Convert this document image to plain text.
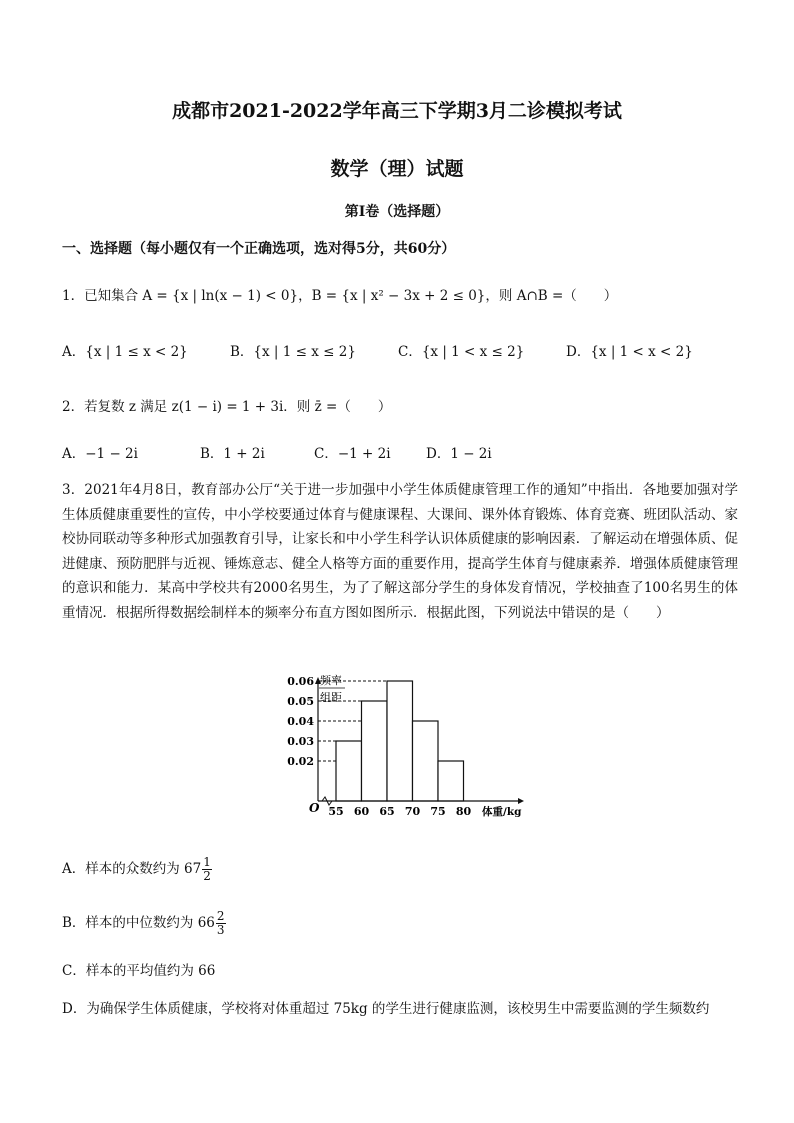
成都市2021-2022学年高三下学期3月二诊模拟考试
数学（理）试题
第Ⅰ卷（选择题）
一、选择题（每小题仅有一个正确选项，选对得5分，共60分）
1．已知集合 A = {x | ln(x − 1) < 0}，B = {x | x² − 3x + 2 ≤ 0}，则 A∩B =（　　）
A．{x | 1 ≤ x < 2}	B．{x | 1 ≤ x ≤ 2}	C．{x | 1 < x ≤ 2}	D．{x | 1 < x < 2}
2．若复数 z 满足 z(1 − i) = 1 + 3i．则 z̄ =（　　）
A．−1 − 2i	B．1 + 2i	C．−1 + 2i	D．1 − 2i
3．2021年4月8日，教育部办公厅“关于进一步加强中小学生体质健康管理工作的通知”中指出．各地要加强对学生体质健康重要性的宣传，中小学校要通过体育与健康课程、大课间、课外体育锻炼、体育竞赛、班团队活动、家校协同联动等多种形式加强教育引导，让家长和中小学生科学认识体质健康的影响因素．了解运动在增强体质、促进健康、预防肥胖与近视、锤炼意志、健全人格等方面的重要作用，提高学生体育与健康素养．增强体质健康管理的意识和能力．某高中学校共有2000名男生，为了了解这部分学生的身体发育情况，学校抽查了100名男生的体重情况．根据所得数据绘制样本的频率分布直方图如图所示．根据此图，下列说法中错误的是（　　）
0.02
0.03
0.04
0.05
0.06
55 60 65 70 75 80
O
频率
组距
体重/kg
A．样本的众数约为 $67 \frac{1}{2}$
B．样本的中位数约为 $66 \frac{2}{3}$
C．样本的平均值约为 66
D．为确保学生体质健康，学校将对体重超过 75kg 的学生进行健康监测，该校男生中需要监测的学生频数约
